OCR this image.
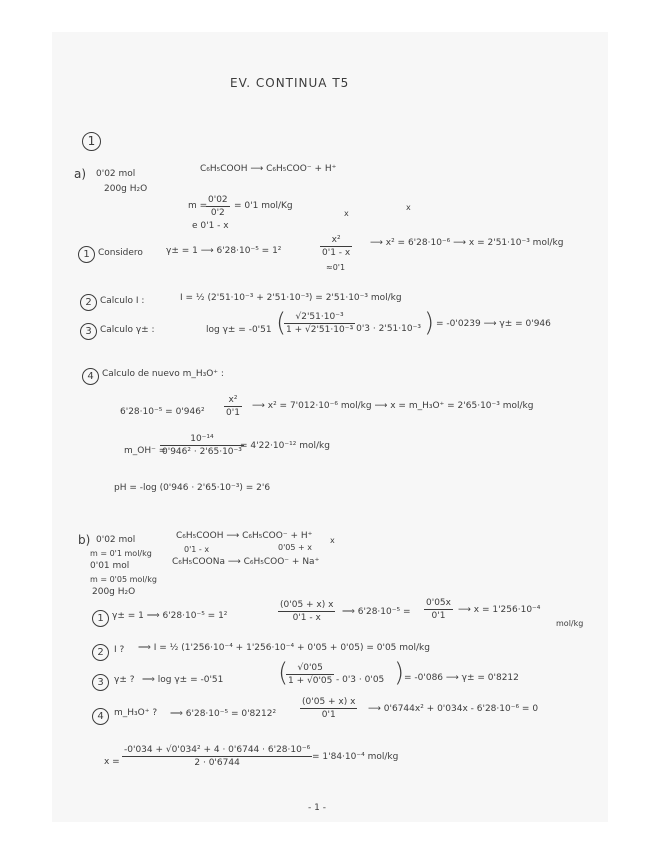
EV. CONTINUA T5
1
a) 0'02 mol
200g H₂O
C₆H₅COOH ⟶ C₆H₅COO⁻ + H⁺
m =
$\frac{0'02}{0'2} = 0'1$ mol/Kg
x
x
e 0'1 - x
1 Considero	γ± = 1 ⟶ 6'28·10⁻⁵ = 1²	$\frac{\text{x²}}{0'1 - x}$
≈0'1
⟶ x² = 6'28·10⁻⁶ ⟶ x = 2'51·10⁻³ mol/kg
2 Calculo I :	I = ½ (2'51·10⁻³ + 2'51·10⁻³) = 2'51·10⁻³ mol/kg
3 Calculo γ± :	log γ± = -0'51 (
$\frac{\text{√2'51·10⁻³}}{\text{1 + √2'51·10⁻³}}$
- 0'3 · 2'51·10⁻³ ) = -0'0239 ⟶ γ± = 0'946
4 Calculo de nuevo m_H₃O⁺ :
$6'28\cdot 10^{-5} = 0'946^2 \frac{\text{x²}}{0'1}$ ⟶ x² = 7'012·10⁻⁶ mol/kg ⟶ x = m_H₃O⁺ = 2'65·10⁻³ mol/kg
m_OH⁻ =
$\frac{\text{10⁻¹⁴}}{\text{0'946² · 2'65·10⁻³}}$
= 4'22·10⁻¹² mol/kg
pH = -log (0'946 · 2'65·10⁻³) = 2'6
b) 0'02 mol
m = 0'1 mol/kg
0'01 mol
m = 0'05 mol/kg
200g H₂O
C₆H₅COOH ⟶ C₆H₅COO⁻ + H⁺
0'1 - x	0'05 + x
x
C₆H₅COONa ⟶ C₆H₅COO⁻ + Na⁺
1 γ± = 1 ⟹ 6'28·10⁻⁵ = 1²	$\frac{(0'05 + x) x}{0'1 - x}$ ⟹ $6'28\cdot 10^{-5} = \frac{0'05x}{0'1}$ ⟶ x = 1'256·10⁻⁴
mol/kg
2	I ? ⟹ I = ½ (1'256·10⁻⁴ + 1'256·10⁻⁴ + 0'05 + 0'05) = 0'05 mol/kg
3	γ± ? ⟹ log γ± = -0'51 (
$\frac{√0'05}{1 + √0'05} - 0'3 \cdot 0'05$ ) = -0'086 ⟶ γ± = 0'8212
4	m_H₃O⁺ ? ⟹ 6'28·10⁻⁵ = 0'8212²	$\frac{(0'05 + x) x}{0'1}$ ⟶ 0'6744x² + 0'034x - 6'28·10⁻⁶ = 0
$x = \frac{\text{-0'034 + √0'034² + 4 · 0'6744 · 6'28·10⁻⁶}}{2 \cdot 0'6744} = 1'84\cdot 10^{-4}$ mol/kg
- 1 -
